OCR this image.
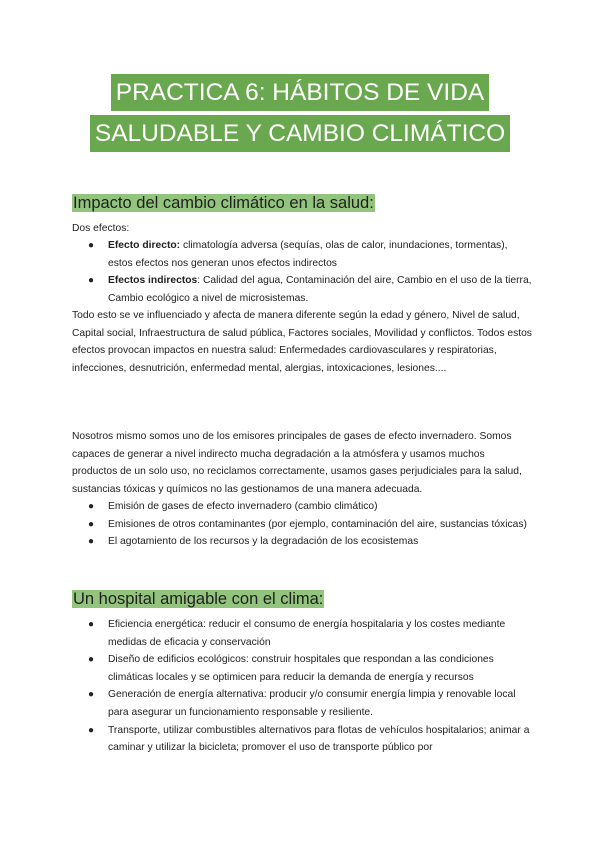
PRACTICA 6: HÁBITOS DE VIDA
SALUDABLE Y CAMBIO CLIMÁTICO
Impacto del cambio climático en la salud:
Dos efectos:
● Efecto directo: climatología adversa (sequías, olas de calor, inundaciones, tormentas), estos efectos nos generan unos efectos indirectos
● Efectos indirectos: Calidad del agua, Contaminación del aire, Cambio en el uso de la tierra, Cambio ecológico a nivel de microsistemas.
Todo esto se ve influenciado y afecta de manera diferente según la edad y género, Nivel de salud, Capital social, Infraestructura de salud pública, Factores sociales, Movilidad y conflictos. Todos estos efectos provocan impactos en nuestra salud: Enfermedades cardiovasculares y respiratorias, infecciones, desnutrición, enfermedad mental, alergias, intoxicaciones, lesiones....
Nosotros mismo somos uno de los emisores principales de gases de efecto invernadero. Somos capaces de generar a nivel indirecto mucha degradación a la atmósfera y usamos muchos productos de un solo uso, no reciclamos correctamente, usamos gases perjudiciales para la salud, sustancias tóxicas y químicos no las gestionamos de una manera adecuada.
● Emisión de gases de efecto invernadero (cambio climático)
● Emisiones de otros contaminantes (por ejemplo, contaminación del aire, sustancias tóxicas)
● El agotamiento de los recursos y la degradación de los ecosistemas
Un hospital amigable con el clima:
● Eficiencia energética: reducir el consumo de energía hospitalaria y los costes mediante medidas de eficacia y conservación
● Diseño de edificios ecológicos: construir hospitales que respondan a las condiciones climáticas locales y se optimicen para reducir la demanda de energía y recursos
● Generación de energía alternativa: producir y/o consumir energía limpia y renovable local para asegurar un funcionamiento responsable y resiliente.
● Transporte, utilizar combustibles alternativos para flotas de vehículos hospitalarios; animar a caminar y utilizar la bicicleta; promover el uso de transporte público por
